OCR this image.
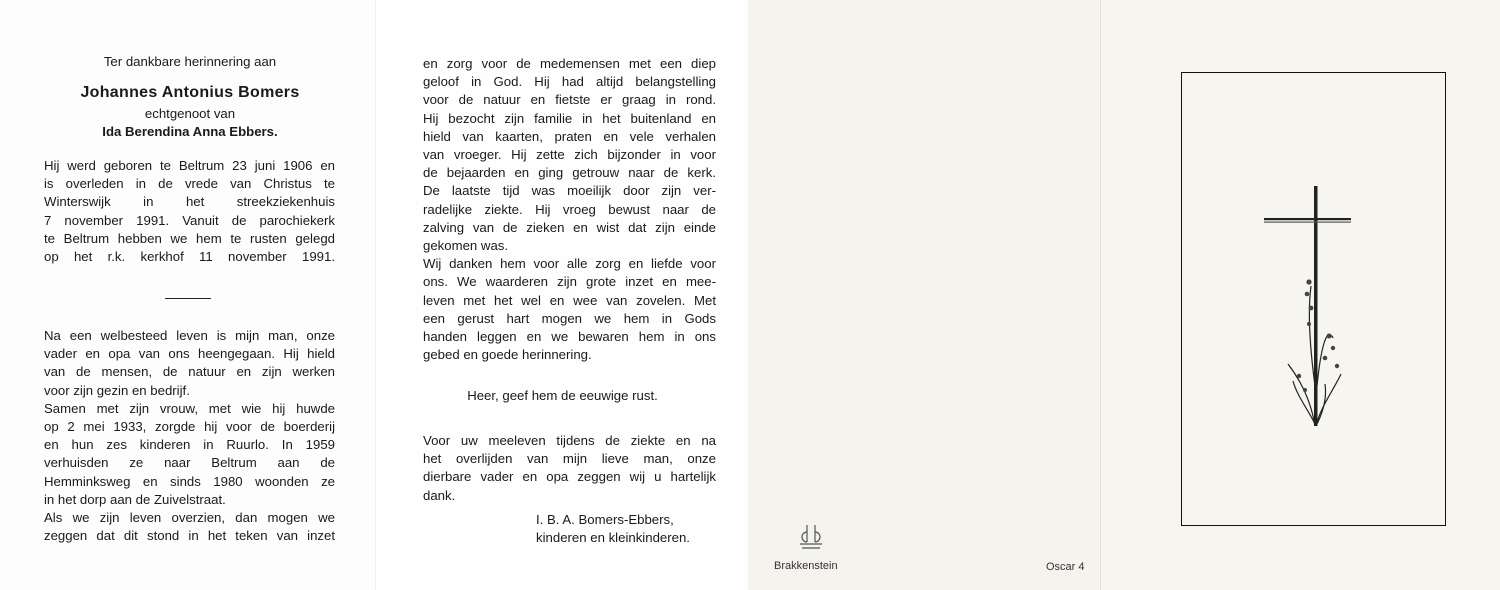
Ter dankbare herinnering aan
Johannes Antonius Bomers
echtgenoot van
Ida Berendina Anna Ebbers.
Hij werd geboren te Beltrum 23 juni 1906 en
is overleden in de vrede van Christus te
Winterswijk in het streekziekenhuis
7 november 1991. Vanuit de parochiekerk
te Beltrum hebben we hem te rusten gelegd
op het r.k. kerkhof 11 november 1991.
Na een welbesteed leven is mijn man, onze
vader en opa van ons heengegaan. Hij hield
van de mensen, de natuur en zijn werken
voor zijn gezin en bedrijf.
Samen met zijn vrouw, met wie hij huwde
op 2 mei 1933, zorgde hij voor de boerderij
en hun zes kinderen in Ruurlo. In 1959
verhuisden ze naar Beltrum aan de
Hemminksweg en sinds 1980 woonden ze
in het dorp aan de Zuivelstraat.
Als we zijn leven overzien, dan mogen we
zeggen dat dit stond in het teken van inzet
en zorg voor de medemensen met een diep
geloof in God. Hij had altijd belangstelling
voor de natuur en fietste er graag in rond.
Hij bezocht zijn familie in het buitenland en
hield van kaarten, praten en vele verhalen
van vroeger. Hij zette zich bijzonder in voor
de bejaarden en ging getrouw naar de kerk.
De laatste tijd was moeilijk door zijn ver-
radelijke ziekte. Hij vroeg bewust naar de
zalving van de zieken en wist dat zijn einde
gekomen was.
Wij danken hem voor alle zorg en liefde voor
ons. We waarderen zijn grote inzet en mee-
leven met het wel en wee van zovelen. Met
een gerust hart mogen we hem in Gods
handen leggen en we bewaren hem in ons
gebed en goede herinnering.
Heer, geef hem de eeuwige rust.
Voor uw meeleven tijdens de ziekte en na
het overlijden van mijn lieve man, onze
dierbare vader en opa zeggen wij u hartelijk
dank.
I. B. A. Bomers-Ebbers,
kinderen en kleinkinderen.
Brakkenstein	Oscar 4
